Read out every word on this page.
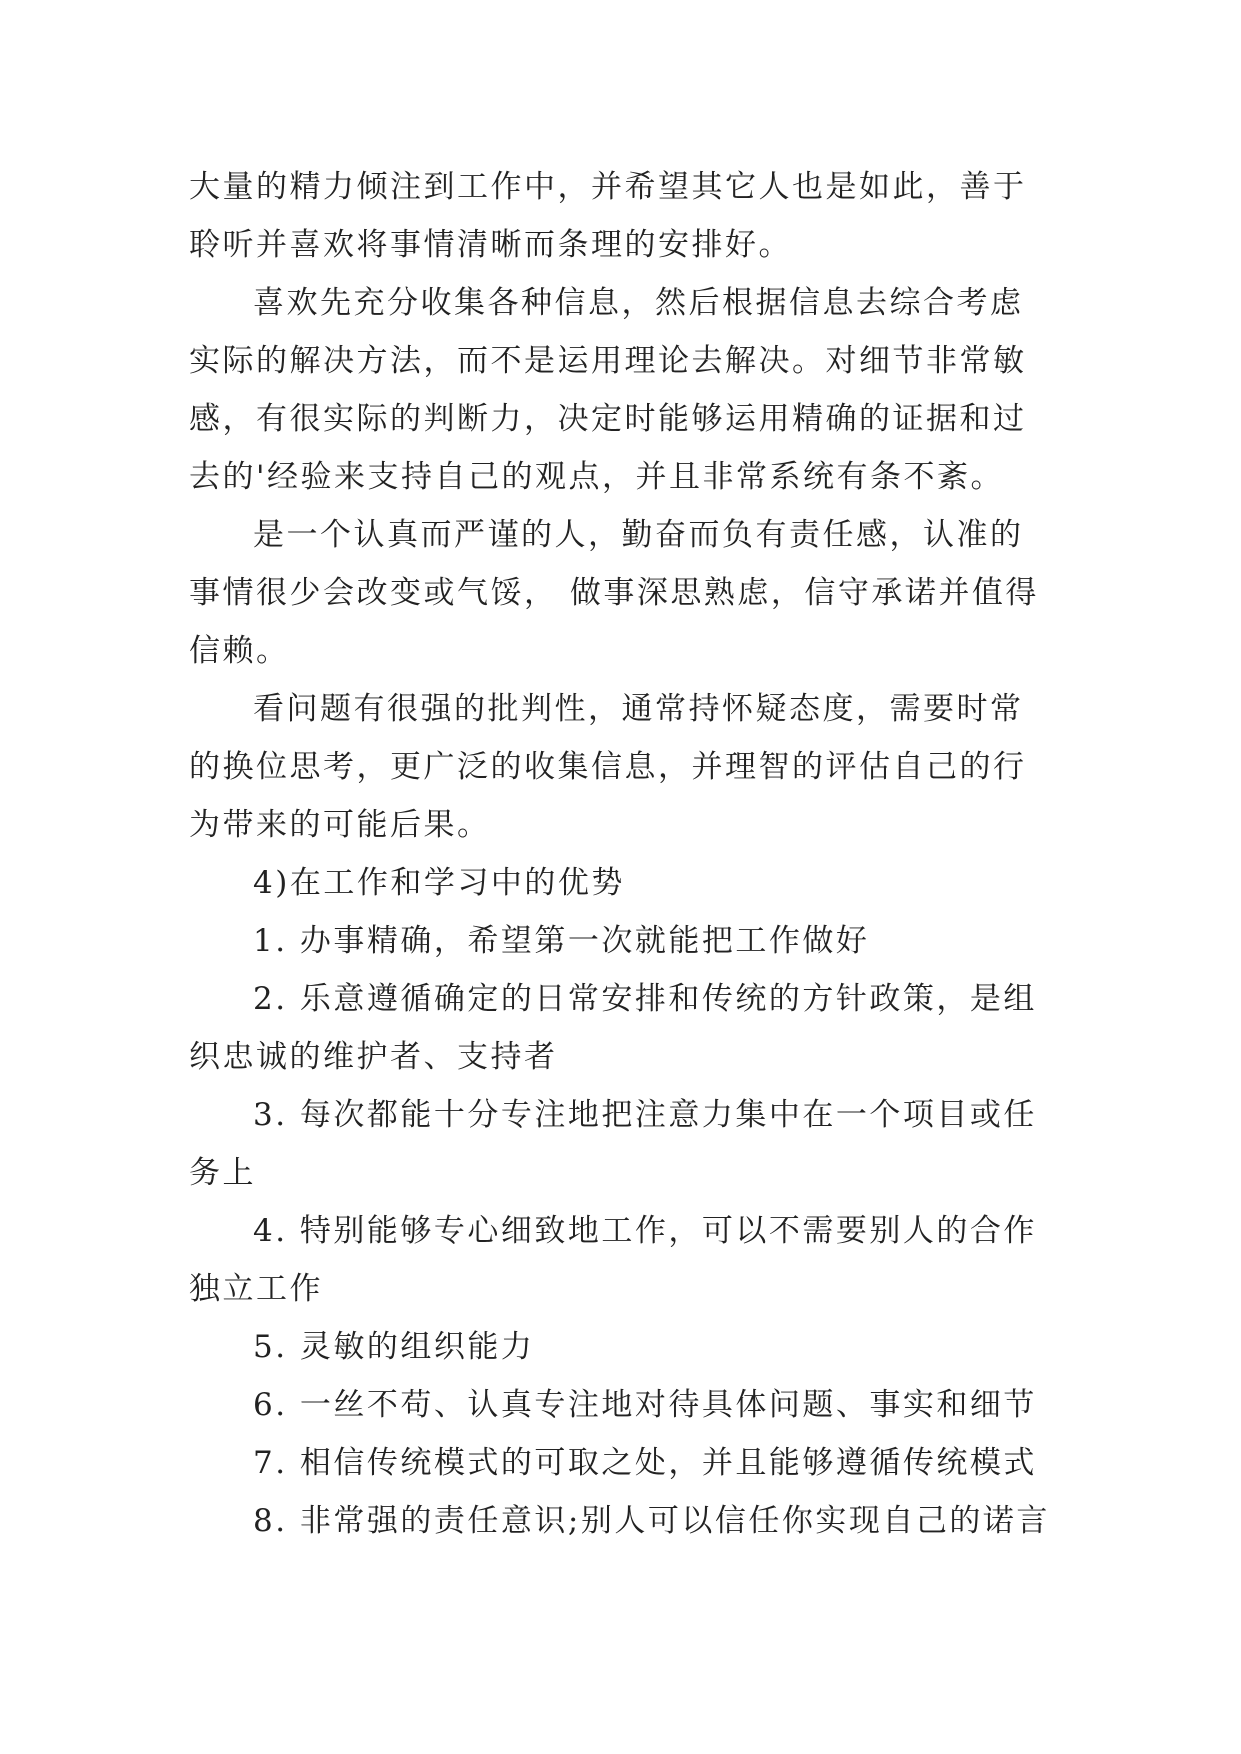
大量的精力倾注到工作中，并希望其它人也是如此，善于聆听并喜欢将事情清晰而条理的安排好。

喜欢先充分收集各种信息，然后根据信息去综合考虑实际的解决方法，而不是运用理论去解决。对细节非常敏感，有很实际的判断力，决定时能够运用精确的证据和过去的'经验来支持自己的观点，并且非常系统有条不紊。

是一个认真而严谨的人，勤奋而负有责任感，认准的事情很少会改变或气馁， 做事深思熟虑，信守承诺并值得信赖。

看问题有很强的批判性，通常持怀疑态度，需要时常的换位思考，更广泛的收集信息，并理智的评估自己的行为带来的可能后果。

4)在工作和学习中的优势

1. 办事精确，希望第一次就能把工作做好

2. 乐意遵循确定的日常安排和传统的方针政策，是组织忠诚的维护者、支持者

3. 每次都能十分专注地把注意力集中在一个项目或任务上

4. 特别能够专心细致地工作，可以不需要别人的合作独立工作

5. 灵敏的组织能力

6. 一丝不苟、认真专注地对待具体问题、事实和细节

7. 相信传统模式的可取之处，并且能够遵循传统模式

8. 非常强的责任意识;别人可以信任你实现自己的诺言
